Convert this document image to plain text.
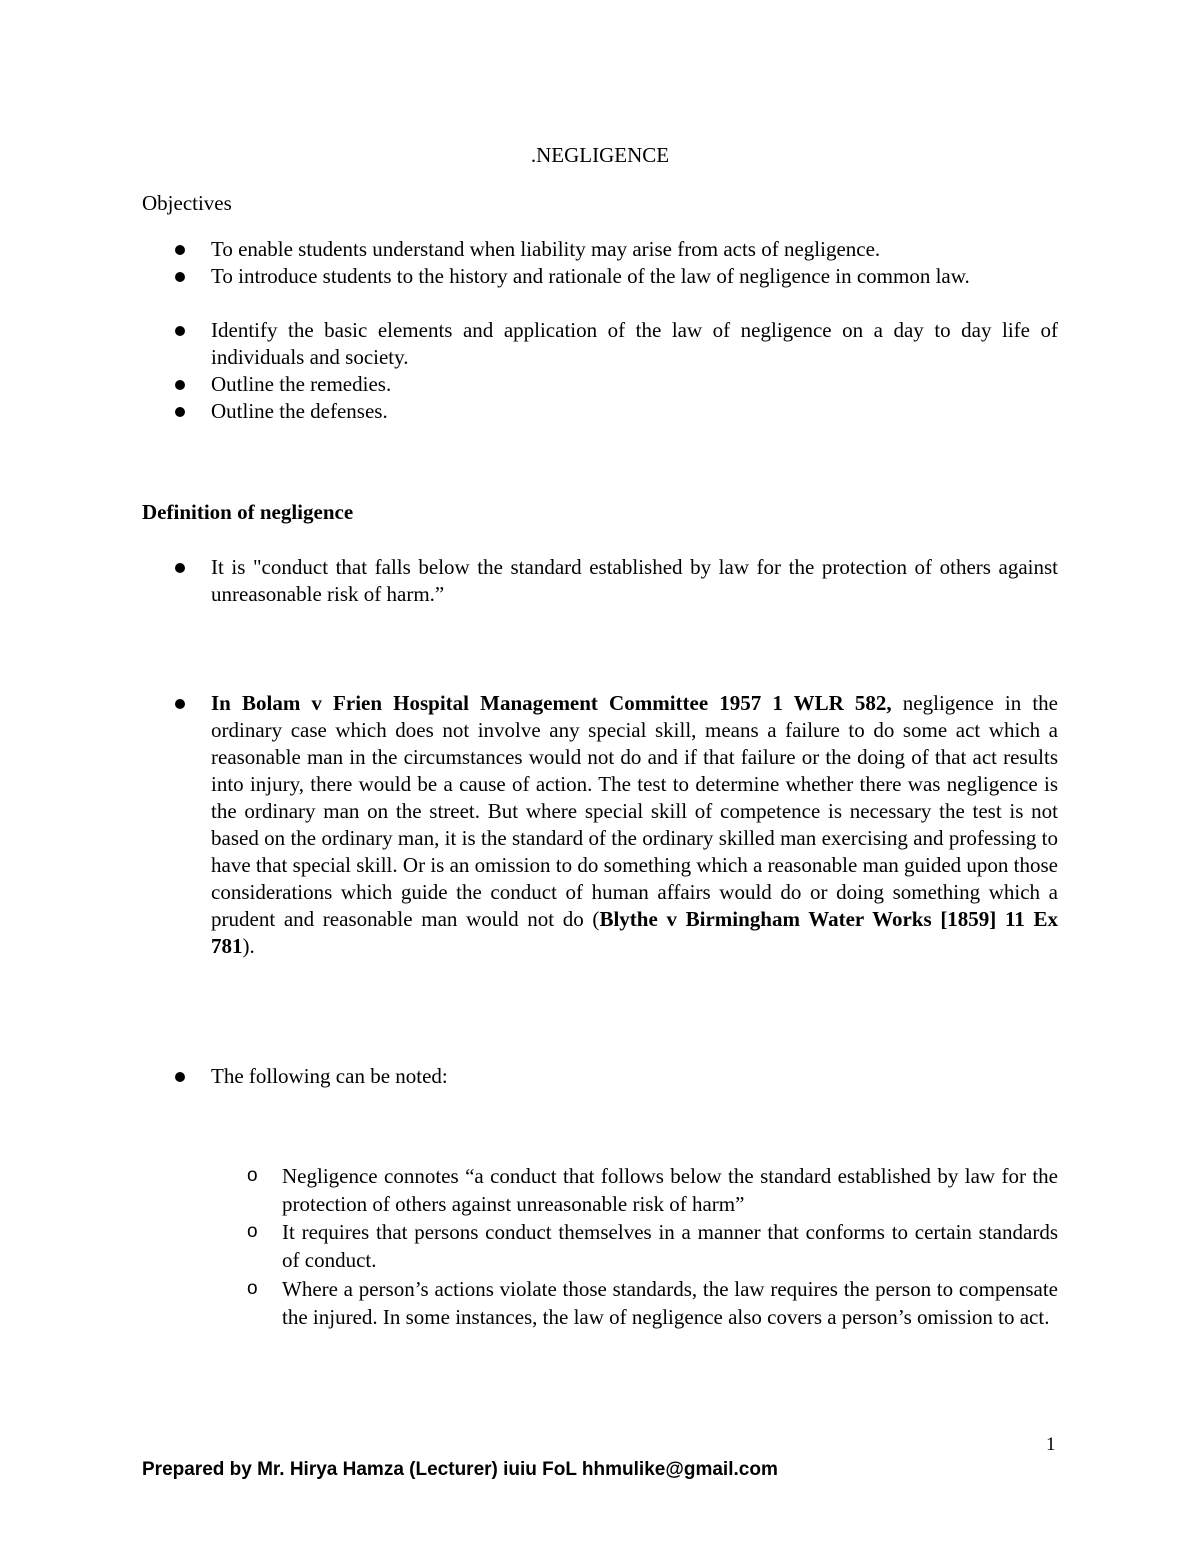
.NEGLIGENCE
Objectives
To enable students understand when liability may arise from acts of negligence.
To introduce students to the history and rationale of the law of negligence in common law.
Identify the basic elements and application of the law of negligence on a day to day life of individuals and society.
Outline the remedies.
Outline the defenses.
Definition of negligence
It is "conduct that falls below the standard established by law for the protection of others against unreasonable risk of harm.”
In Bolam v Frien Hospital Management Committee 1957 1 WLR 582, negligence in the ordinary case which does not involve any special skill, means a failure to do some act which a reasonable man in the circumstances would not do and if that failure or the doing of that act results into injury, there would be a cause of action. The test to determine whether there was negligence is the ordinary man on the street. But where special skill of competence is necessary the test is not based on the ordinary man, it is the standard of the ordinary skilled man exercising and professing to have that special skill. Or is an omission to do something which a reasonable man guided upon those considerations which guide the conduct of human affairs would do or doing something which a prudent and reasonable man would not do (Blythe v Birmingham Water Works [1859] 11 Ex 781).
The following can be noted:
o Negligence connotes “a conduct that follows below the standard established by law for the protection of others against unreasonable risk of harm”
o It requires that persons conduct themselves in a manner that conforms to certain standards of conduct.
o Where a person’s actions violate those standards, the law requires the person to compensate the injured. In some instances, the law of negligence also covers a person’s omission to act.
1
Prepared by Mr. Hirya Hamza (Lecturer) iuiu FoL hhmulike@gmail.com
